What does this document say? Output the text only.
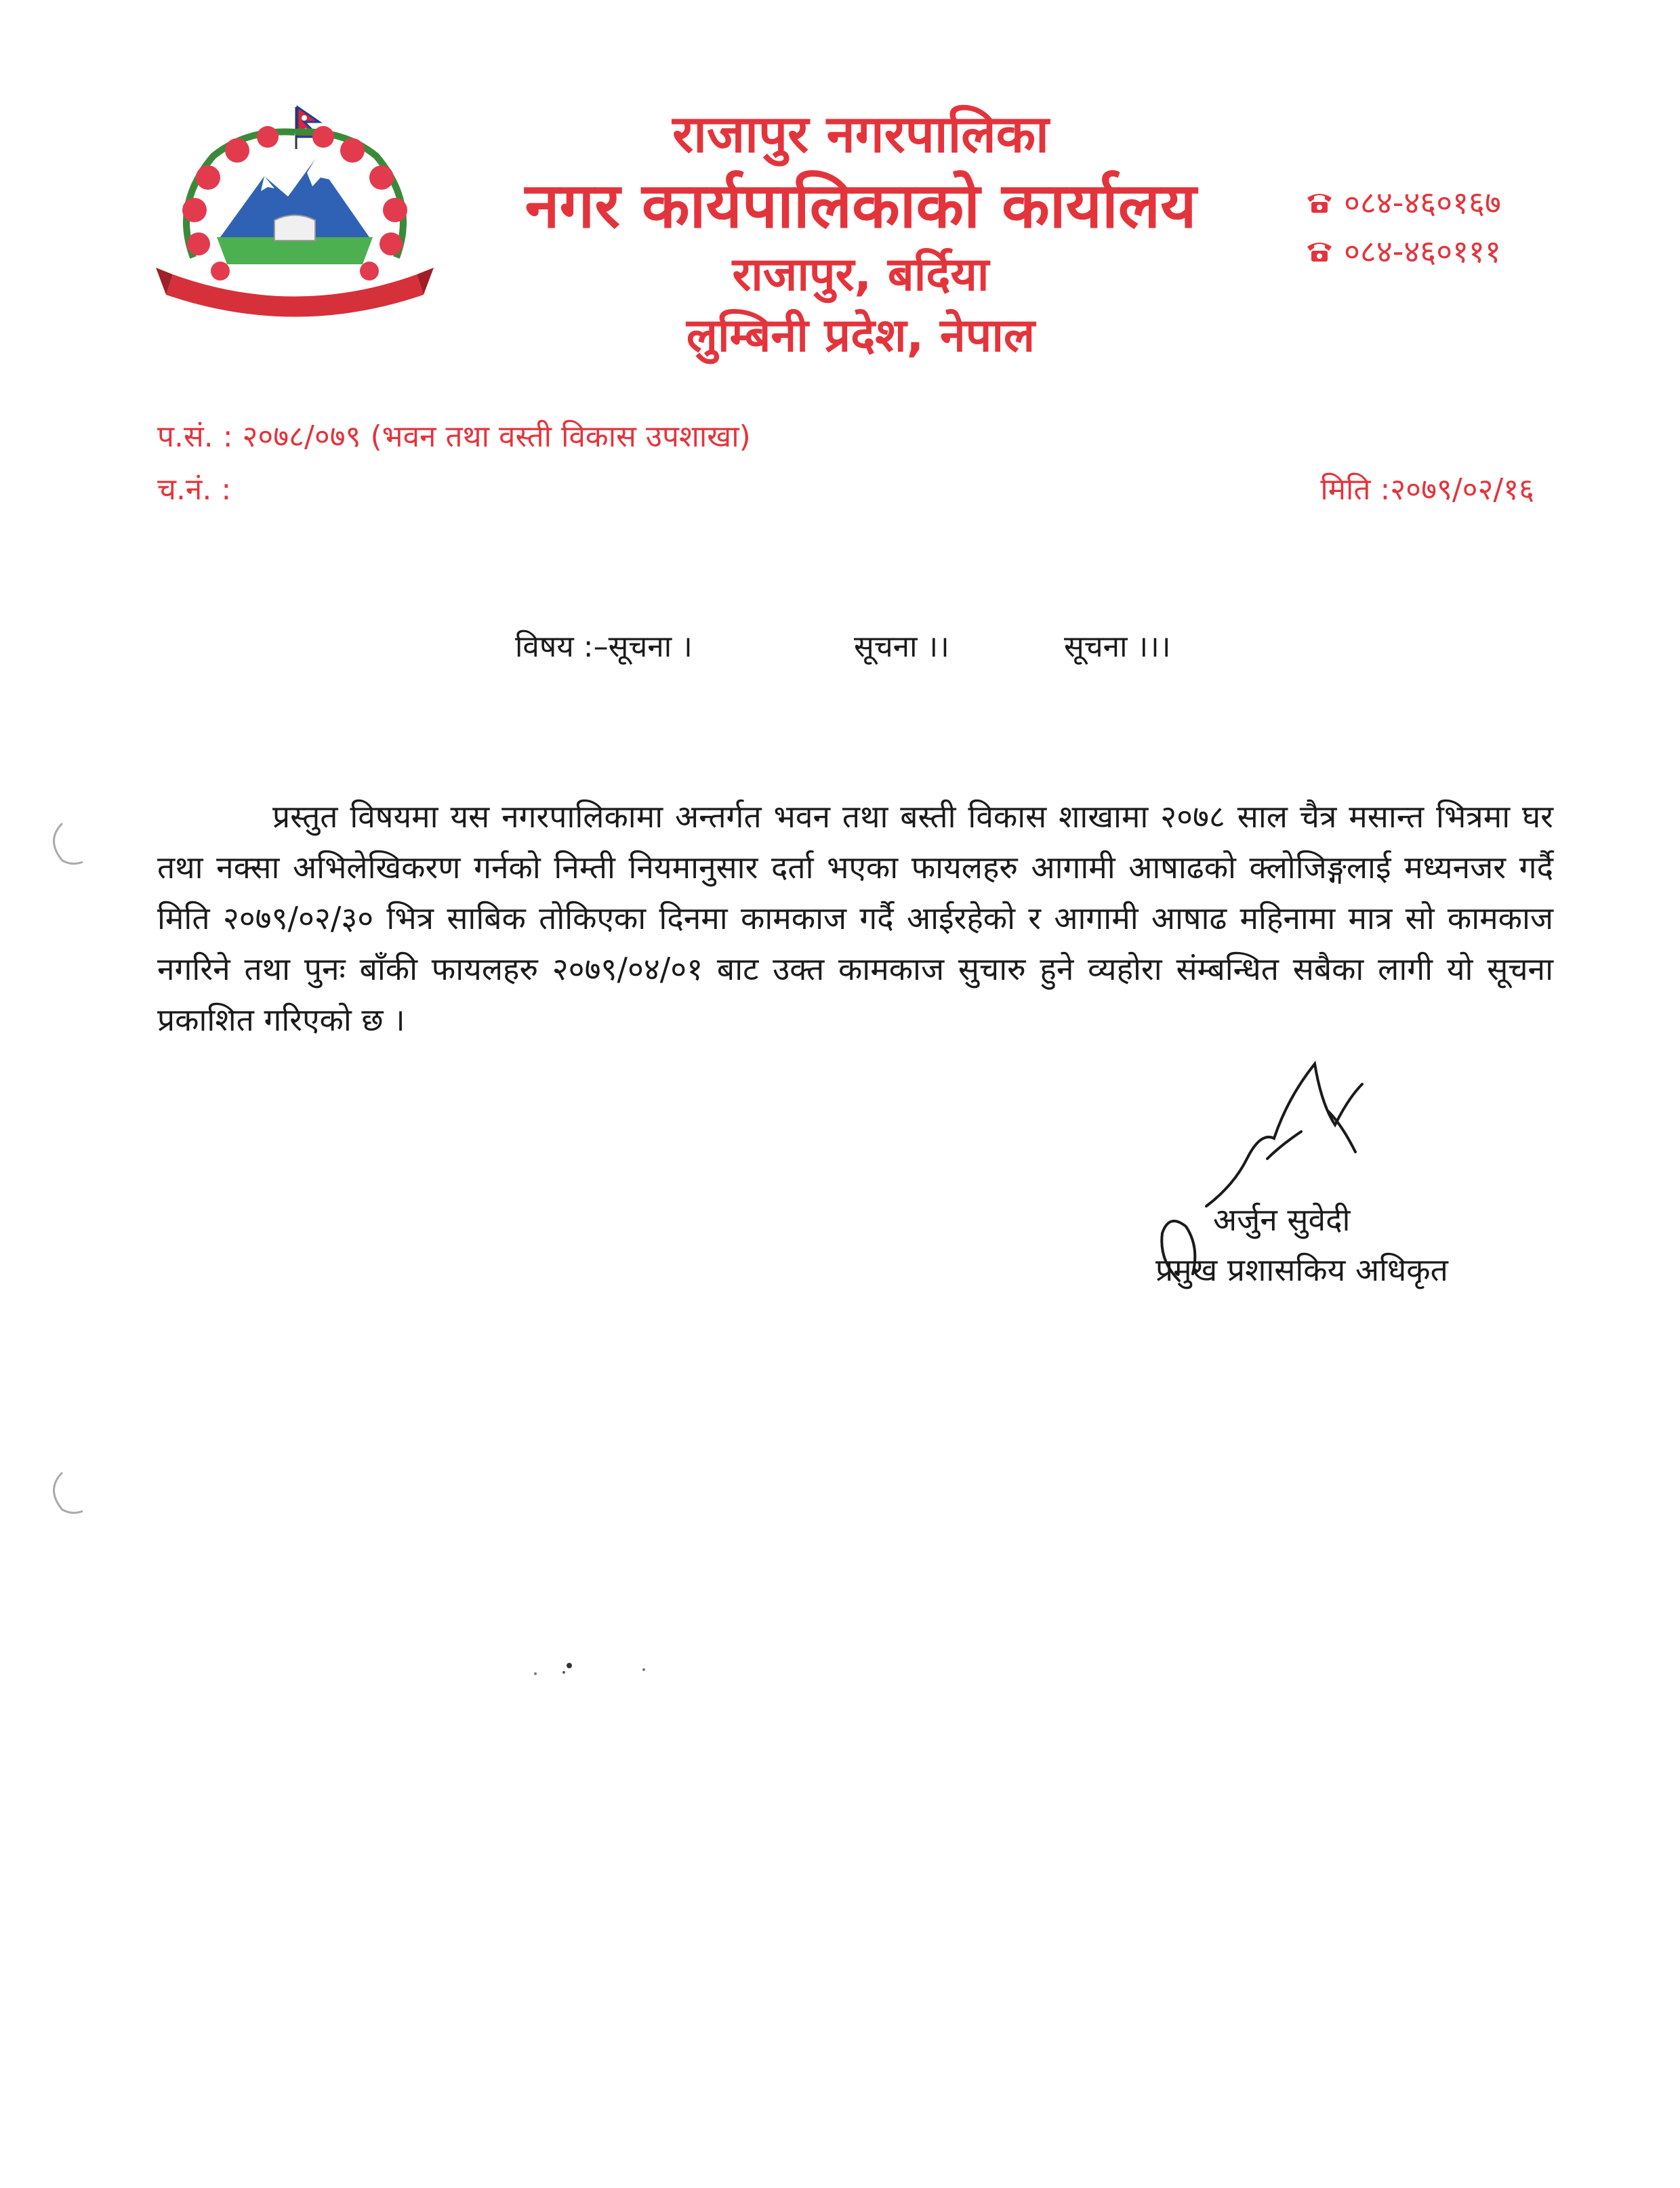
राजापुर नगरपालिका
नगर कार्यपालिकाको कार्यालय
राजापुर, बर्दिया
लुम्बिनी प्रदेश, नेपाल
०८४-४६०१६७
०८४-४६०१११
प.सं. : २०७८/०७९ (भवन तथा वस्ती विकास उपशाखा)
च.नं. :	मिति :२०७९/०२/१६
विषय :–सूचना ।	सूचना ।।	सूचना ।।।
प्रस्तुत विषयमा यस नगरपालिकामा अन्तर्गत भवन तथा बस्ती विकास शाखामा २०७८ साल चैत्र मसान्त भित्रमा घर तथा नक्सा अभिलेखिकरण गर्नको निम्ती नियमानुसार दर्ता भएका फायलहरु आगामी आषाढको क्लोजिङ्गलाई मध्यनजर गर्दै मिति २०७९/०२/३० भित्र साबिक तोकिएका दिनमा कामकाज गर्दै आईरहेको र आगामी आषाढ महिनामा मात्र सो कामकाज नगरिने तथा पुनः बाँकी फायलहरु २०७९/०४/०१ बाट उक्त कामकाज सुचारु हुने व्यहोरा संम्बन्धित सबैका लागी यो सूचना प्रकाशित गरिएको छ ।
अर्जुन सुवेदी
प्रमुख प्रशासकिय अधिकृत
